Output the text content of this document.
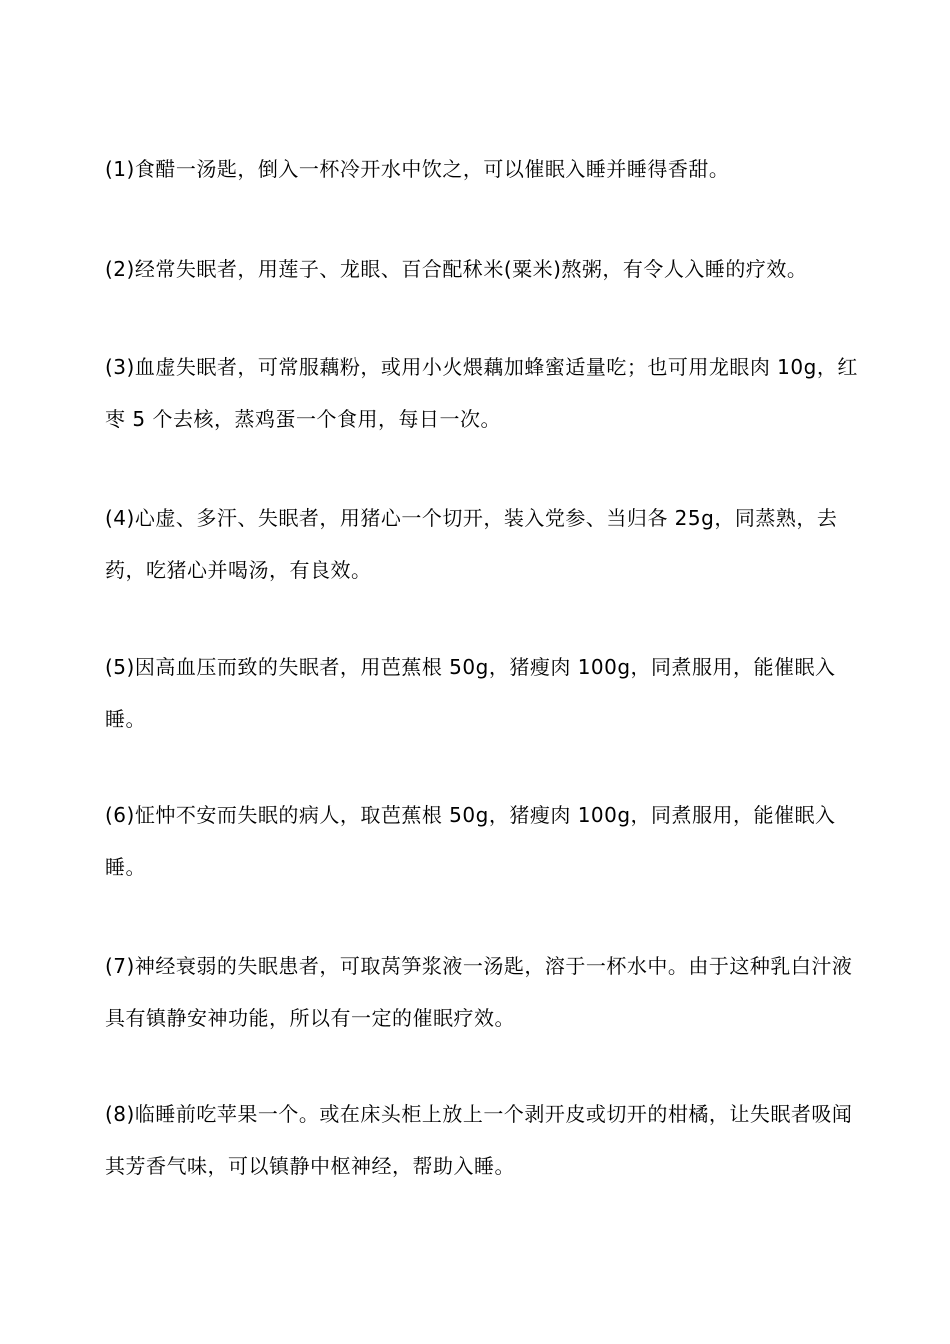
(1)食醋一汤匙，倒入一杯冷开水中饮之，可以催眠入睡并睡得香甜。

(2)经常失眠者，用莲子、龙眼、百合配秫米(粟米)熬粥，有令人入睡的疗效。

(3)血虚失眠者，可常服藕粉，或用小火煨藕加蜂蜜适量吃；也可用龙眼肉 10g，红枣 5 个去核，蒸鸡蛋一个食用，每日一次。

(4)心虚、多汗、失眠者，用猪心一个切开，装入党参、当归各 25g，同蒸熟，去药，吃猪心并喝汤，有良效。

(5)因高血压而致的失眠者，用芭蕉根 50g，猪瘦肉 100g，同煮服用，能催眠入睡。

(6)怔忡不安而失眠的病人，取芭蕉根 50g，猪瘦肉 100g，同煮服用，能催眠入睡。

(7)神经衰弱的失眠患者，可取莴笋浆液一汤匙，溶于一杯水中。由于这种乳白汁液具有镇静安神功能，所以有一定的催眠疗效。

(8)临睡前吃苹果一个。或在床头柜上放上一个剥开皮或切开的柑橘，让失眠者吸闻其芳香气味，可以镇静中枢神经，帮助入睡。
